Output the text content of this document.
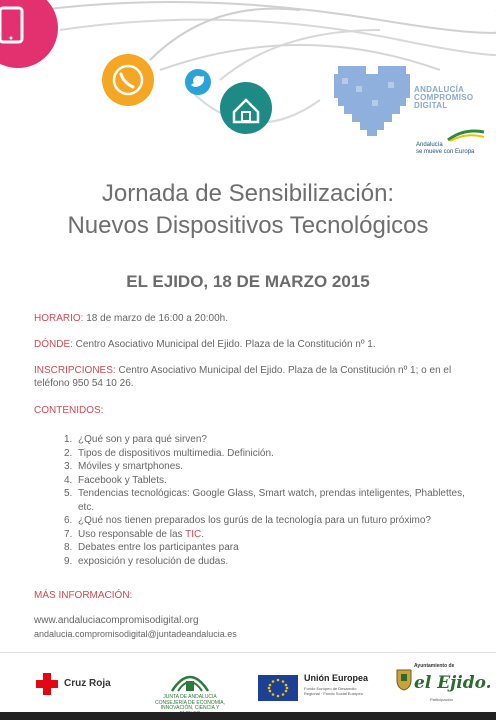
ANDALUCÍA
COMPROMISO
DIGITAL
Andalucía
se mueve con Europa
Jornada de Sensibilización:
Nuevos Dispositivos Tecnológicos
EL EJIDO, 18 DE MARZO 2015
HORARIO: 18 de marzo de 16:00 a 20:00h.
DÓNDE: Centro Asociativo Municipal del Ejido. Plaza de la Constitución nº 1.
INSCRIPCIONES: Centro Asociativo Municipal del Ejido. Plaza de la Constitución nº 1; o en el teléfono 950 54 10 26.
CONTENIDOS:
1. ¿Qué son y para qué sirven?
2. Tipos de dispositivos multimedia. Definición.
3. Móviles y smartphones.
4. Facebook y Tablets.
5. Tendencias tecnológicas: Google Glass, Smart watch, prendas inteligentes, Phablettes, etc.
6. ¿Qué nos tienen preparados los gurús de la tecnología para un futuro próximo?
7. Uso responsable de las TIC.
8. Debates entre los participantes para
9. exposición y resolución de dudas.
MÁS INFORMACIÓN:
www.andaluciacompromisodigital.org
andalucia.compromisodigital@juntadeandalucia.es
Cruz Roja
JUNTA DE ANDALUCIA
CONSEJERÍA DE ECONOMÍA, INNOVACIÓN, CIENCIA Y
Unión Europea
Fondo Europeo de Desarrollo Regional · Fondo Social Europeo
Ayuntamiento de
el Ejido.
Participación
